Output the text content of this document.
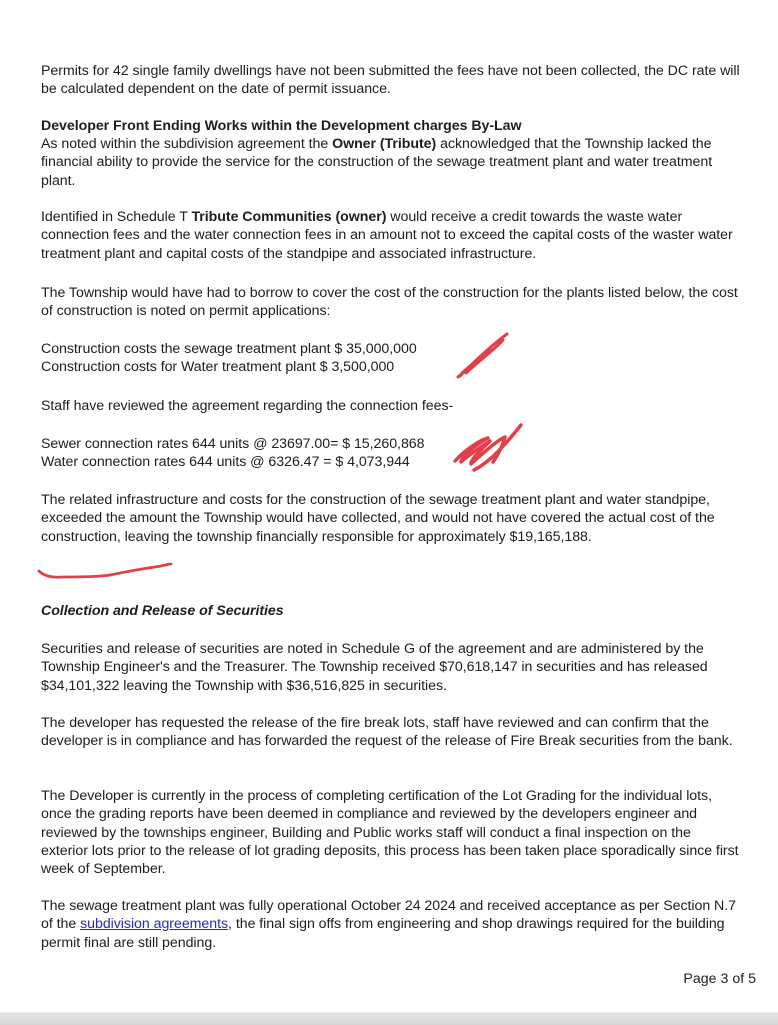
Permits for 42 single family dwellings have not been submitted the fees have not been collected, the DC rate will be calculated dependent on the date of permit issuance.

Developer Front Ending Works within the Development charges By-Law

As noted within the subdivision agreement the Owner (Tribute) acknowledged that the Township lacked the financial ability to provide the service for the construction of the sewage treatment plant and water treatment plant.

Identified in Schedule T Tribute Communities (owner) would receive a credit towards the waste water connection fees and the water connection fees in an amount not to exceed the capital costs of the waster water treatment plant and capital costs of the standpipe and associated infrastructure.

The Township would have had to borrow to cover the cost of the construction for the plants listed below, the cost of construction is noted on permit applications:

Construction costs the sewage treatment plant $ 35,000,000

Construction costs for Water treatment plant $ 3,500,000

Staff have reviewed the agreement regarding the connection fees-

Sewer connection rates 644 units @ 23697.00= $ 15,260,868

Water connection rates 644 units @ 6326.47 = $ 4,073,944

The related infrastructure and costs for the construction of the sewage treatment plant and water standpipe, exceeded the amount the Township would have collected, and would not have covered the actual cost of the construction, leaving the township financially responsible for approximately $19,165,188.

Collection and Release of Securities

Securities and release of securities are noted in Schedule G of the agreement and are administered by the Township Engineer's and the Treasurer. The Township received $70,618,147 in securities and has released $34,101,322 leaving the Township with $36,516,825 in securities.

The developer has requested the release of the fire break lots, staff have reviewed and can confirm that the developer is in compliance and has forwarded the request of the release of Fire Break securities from the bank.

The Developer is currently in the process of completing certification of the Lot Grading for the individual lots, once the grading reports have been deemed in compliance and reviewed by the developers engineer and reviewed by the townships engineer, Building and Public works staff will conduct a final inspection on the exterior lots prior to the release of lot grading deposits, this process has been taken place sporadically since first week of September.

The sewage treatment plant was fully operational October 24 2024 and received acceptance as per Section N.7 of the subdivision agreements, the final sign offs from engineering and shop drawings required for the building permit final are still pending.

Page 3 of 5
